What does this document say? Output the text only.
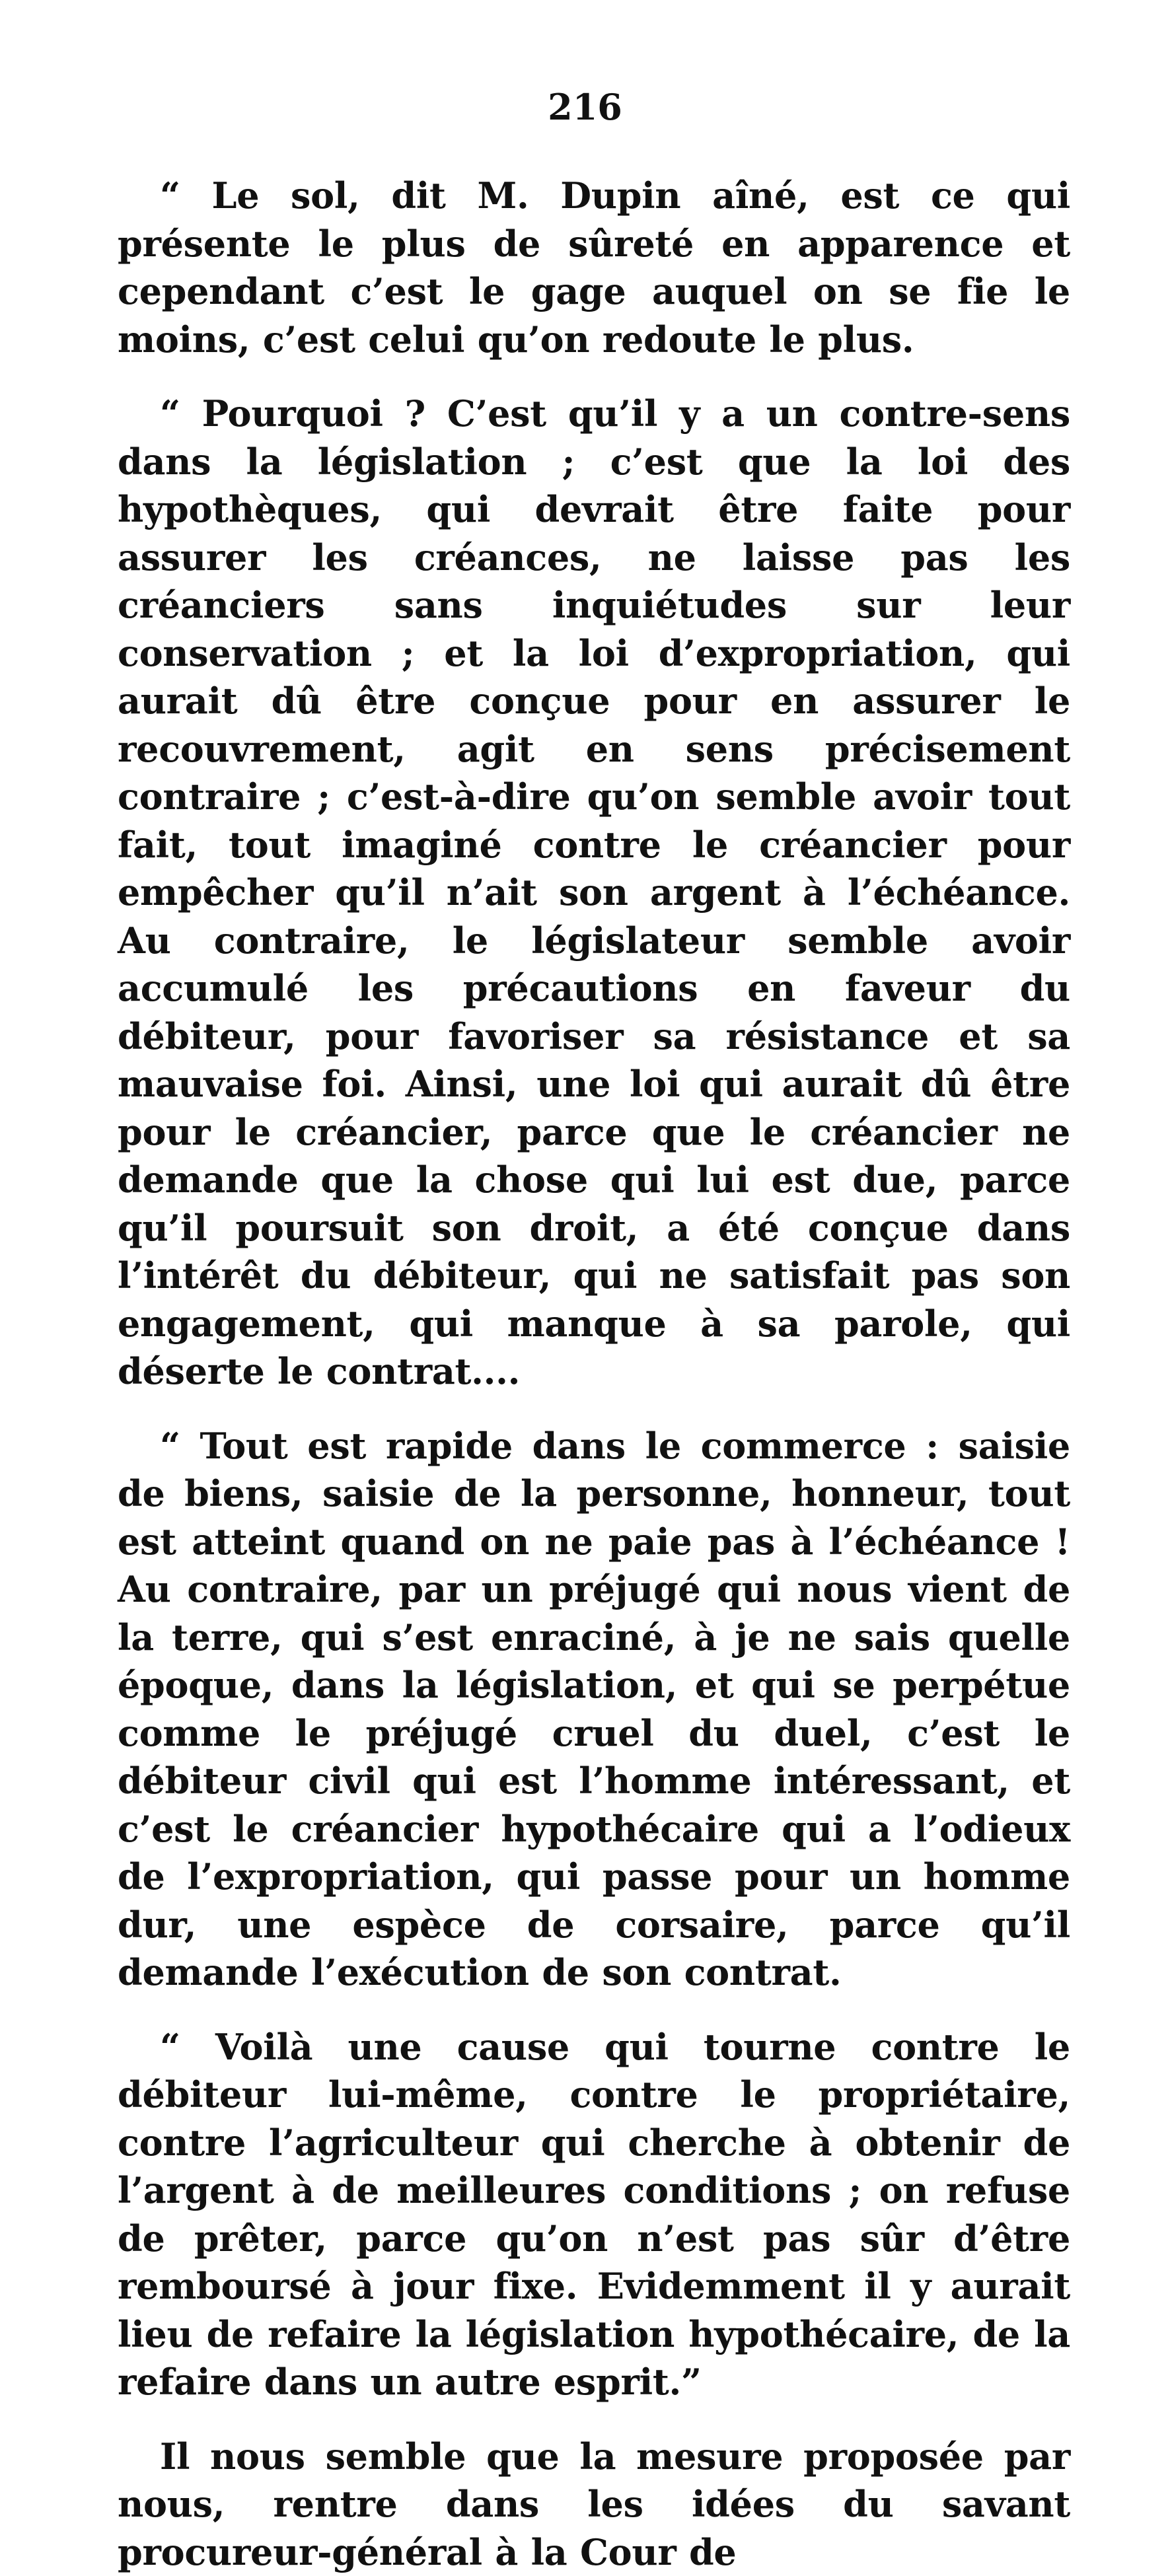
216

“ Le sol, dit M. Dupin aîné, est ce qui présente le plus de sûreté en apparence et cependant c’est le gage auquel on se fie le moins, c’est celui qu’on redoute le plus.

“ Pourquoi ? C’est qu’il y a un contre-sens dans la législation ; c’est que la loi des hypothèques, qui devrait être faite pour assurer les créances, ne laisse pas les créanciers sans inquiétudes sur leur conservation ; et la loi d’expropriation, qui aurait dû être conçue pour en assurer le recouvrement, agit en sens précisement contraire ; c’est-à-dire qu’on semble avoir tout fait, tout imaginé contre le créancier pour empêcher qu’il n’ait son argent à l’échéance. Au contraire, le législateur semble avoir accumulé les précautions en faveur du débiteur, pour favoriser sa résistance et sa mauvaise foi. Ainsi, une loi qui aurait dû être pour le créancier, parce que le créancier ne demande que la chose qui lui est due, parce qu’il poursuit son droit, a été conçue dans l’intérêt du débiteur, qui ne satisfait pas son engagement, qui manque à sa parole, qui déserte le contrat....

“ Tout est rapide dans le commerce : saisie de biens, saisie de la personne, honneur, tout est atteint quand on ne paie pas à l’échéance ! Au contraire, par un préjugé qui nous vient de la terre, qui s’est enraciné, à je ne sais quelle époque, dans la législation, et qui se perpétue comme le préjugé cruel du duel, c’est le débiteur civil qui est l’homme intéressant, et c’est le créancier hypothécaire qui a l’odieux de l’expropriation, qui passe pour un homme dur, une espèce de corsaire, parce qu’il demande l’exécution de son contrat.

“ Voilà une cause qui tourne contre le débiteur lui-même, contre le propriétaire, contre l’agriculteur qui cherche à obtenir de l’argent à de meilleures conditions ; on refuse de prêter, parce qu’on n’est pas sûr d’être remboursé à jour fixe. Evidemment il y aurait lieu de refaire la législation hypothécaire, de la refaire dans un autre esprit.”

Il nous semble que la mesure proposée par nous, rentre dans les idées du savant procureur-général à la Cour de
